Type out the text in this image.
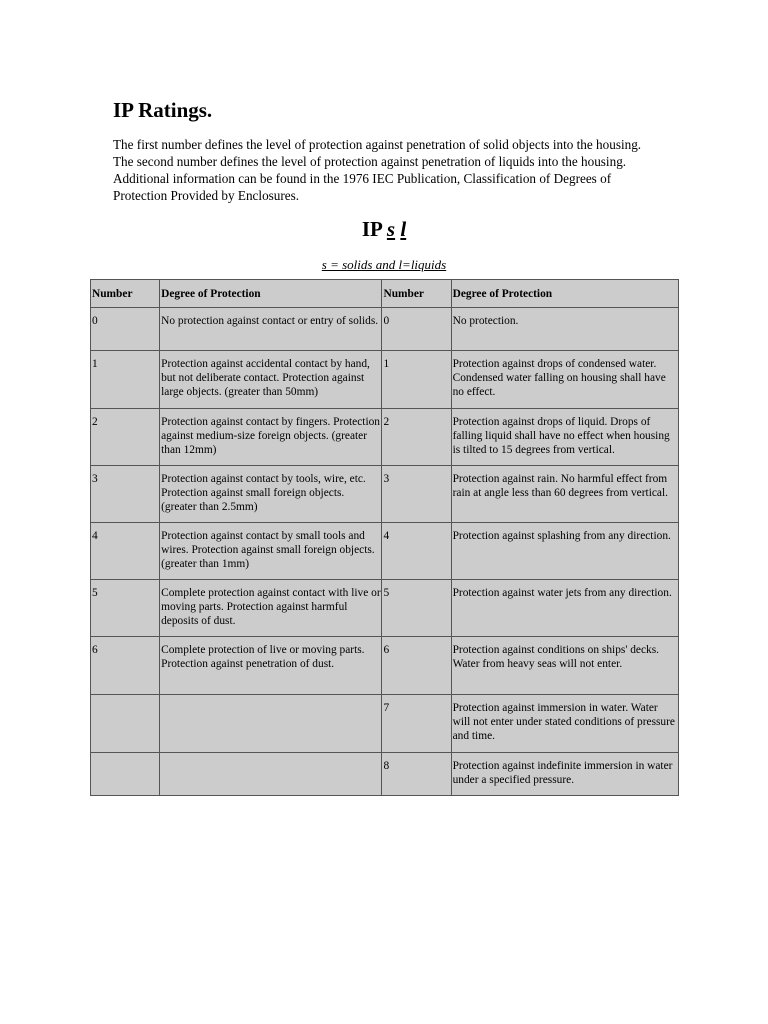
IP Ratings.

The first number defines the level of protection against penetration of solid objects into the housing. The second number defines the level of protection against penetration of liquids into the housing. Additional information can be found in the 1976 IEC Publication, Classification of Degrees of Protection Provided by Enclosures.

IP s l

s = solids and l=liquids

Number	Degree of Protection	Number	Degree of Protection
0	No protection against contact or entry of solids.	0	No protection.
1	Protection against accidental contact by hand, but not deliberate contact. Protection against large objects. (greater than 50mm)	1	Protection against drops of condensed water. Condensed water falling on housing shall have no effect.
2	Protection against contact by fingers. Protection against medium-size foreign objects. (greater than 12mm)	2	Protection against drops of liquid. Drops of falling liquid shall have no effect when housing is tilted to 15 degrees from vertical.
3	Protection against contact by tools, wire, etc. Protection against small foreign objects. (greater than 2.5mm)	3	Protection against rain. No harmful effect from rain at angle less than 60 degrees from vertical.
4	Protection against contact by small tools and wires. Protection against small foreign objects. (greater than 1mm)	4	Protection against splashing from any direction.
5	Complete protection against contact with live or moving parts. Protection against harmful deposits of dust.	5	Protection against water jets from any direction.
6	Complete protection of live or moving parts. Protection against penetration of dust.	6	Protection against conditions on ships' decks. Water from heavy seas will not enter.
		7	Protection against immersion in water. Water will not enter under stated conditions of pressure and time.
		8	Protection against indefinite immersion in water under a specified pressure.
